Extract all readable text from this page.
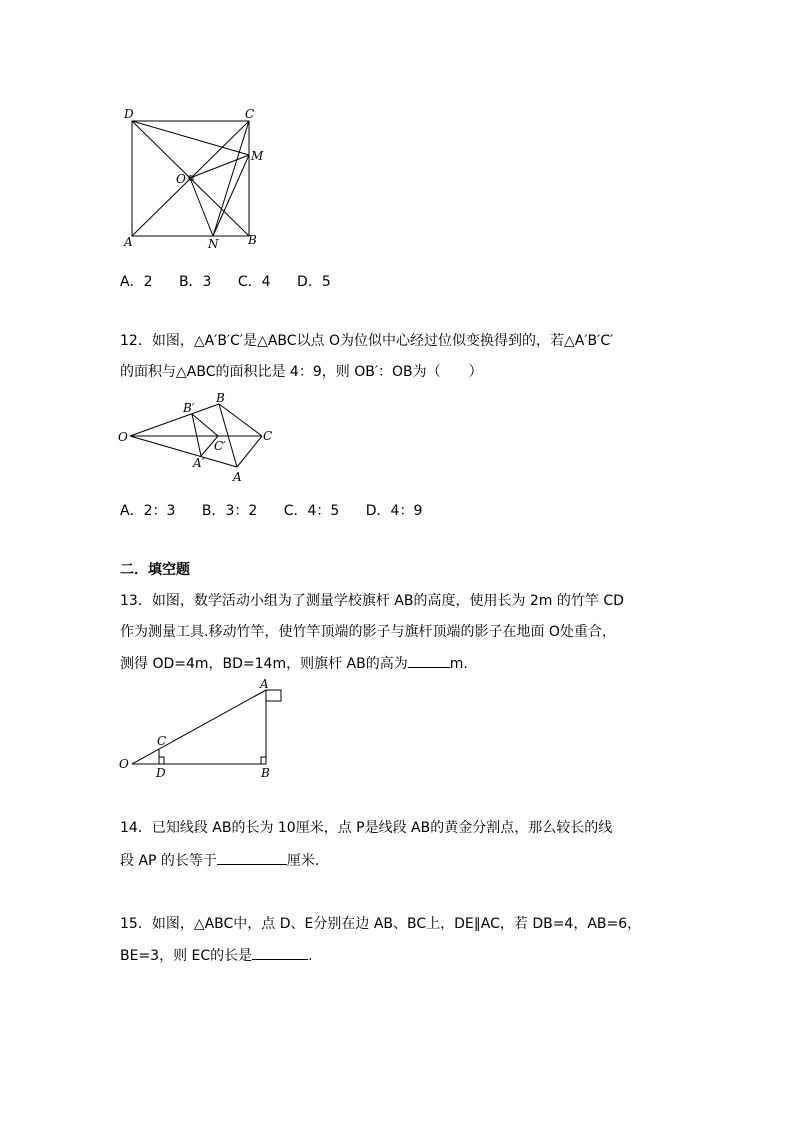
D	C
M
O
A	N B
O
B′
B
C
C′
A′
A
A
C
O
D	B
A．2 B．3 C．4 D．5
12．如图，△A′B′C′是△ABC以点 O为位似中心经过位似变换得到的，若△A′B′C′
的面积与△ABC的面积比是 4：9，则 OB′：OB为（　　）
A．2：3 B．3：2 C．4：5 D．4：9
二．填空题
13．如图，数学活动小组为了测量学校旗杆 AB的高度，使用长为 2m 的竹竿 CD
作为测量工具.移动竹竿，使竹竿顶端的影子与旗杆顶端的影子在地面 O处重合，
测得 OD=4m，BD=14m，则旗杆 AB的高为	m.
14．已知线段 AB的长为 10厘米，点 P是线段 AB的黄金分割点，那么较长的线
段 AP 的长等于	厘米.
15．如图，△ABC中，点 D、E分别在边 AB、BC上，DE∥AC，若 DB=4，AB=6，
BE=3，则 EC的长是	.
